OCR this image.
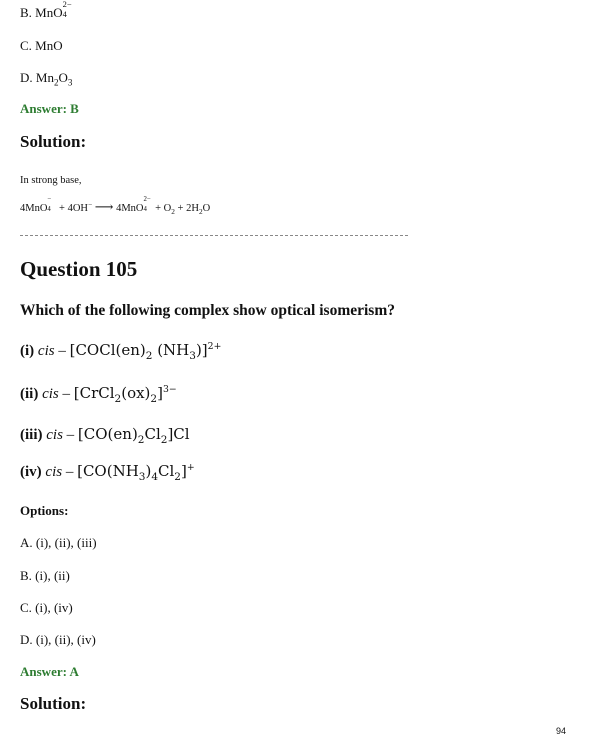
B. MnO
2−
4
C. MnO
D. $Mn_2O_3$
Answer: B
Solution:
In strong base,
4MnO
−
4 + 4OH− ⟶ 4MnO
2−
$4 + O_2 + 2H_2O$
Question 105
Which of the following complex show optical isomerism?
(i) cis – [$COCl(en)_2$ $(NH_3)]^{2+}$
(ii) cis – $[CrCl_2(ox)_2]^{3-}$
(iii) cis – $[CO(en)_2Cl_2]Cl$
(iv) cis – $[CO(NH_3)_4Cl_2]^+$
Options:
A. (i), (ii), (iii)
B. (i), (ii)
C. (i), (iv)
D. (i), (ii), (iv)
Answer: A
Solution:
94
